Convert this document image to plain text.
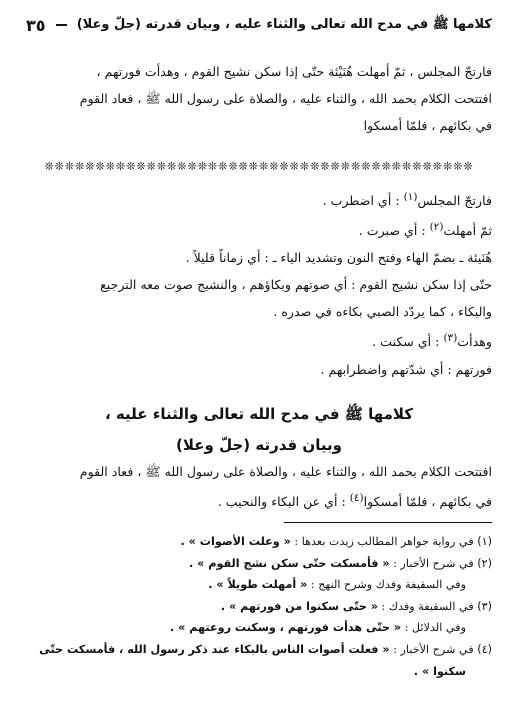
كلامها ﷺ في مدح الله تعالى والثناء عليه ، وبيان قدرته (جلّ وعلا)
٣٥

فارتجّ المجلس ، ثمّ أمهلت هُنَيْئة حتّى إذا سكن نشيج القوم ، وهدأت فورتهم ،

افتتحت الكلام بحمد الله ، والثناء عليه ، والصلاة على رسول الله ﷺ ، فعاد القوم

في بكائهم ، فلمّا أمسكوا

❊❊❊❊❊❊❊❊❊❊❊❊❊❊❊❊❊❊❊❊❊❊❊❊❊❊❊❊❊❊❊❊❊❊❊❊❊❊❊❊❊❊

فارتجّ المجلس$^{(١)}$ : أي اضطرب .

ثمّ أمهلت$^{(٢)}$ : أي صبرت .

هُنَيئة ـ بضمّ الهاء وفتح النون وتشديد الياء ـ : أي زماناً قليلاً .

حتّى إذا سكن نشيج القوم : أي صوتهم وبكاؤهم ، والنشيج صوت معه الترجيع

والبكاء ، كما يردّد الصبي بكاءه في صدره .

وهدأت$^{(٣)}$ : أي سكنت .

فورتهم : أي شدّتهم واضطرابهم .

كلامها ﷺ في مدح الله تعالى والثناء عليه ،
وبيان قدرته (جلّ وعلا)

افتتحت الكلام بحمد الله ، والثناء عليه ، والصلاة على رسول الله ﷺ ، فعاد القوم

في بكائهم ، فلمّا أمسكوا$^{(٤)}$ : أي عن البكاء والنحيب .

(١) في رواية جواهر المطالب زيدت بعدها : « وعلت الأصوات » .

(٢) في شرح الأخبار : « فأمسكت حتّى سكن نشج القوم » .

وفي السقيفة وفدك وشرح النهج : « أمهلت طويلاً » .

(٣) في السقيفة وفدك : « حتّى سكنوا من فورتهم » .

وفي الدلائل : « حتّى هدأت فورتهم ، وسكنت روعتهم » .

(٤) في شرح الأخبار : « فعلت أصوات الناس بالبكاء عند ذكر رسول الله ، فأمسكت حتّى

سكنوا » .
